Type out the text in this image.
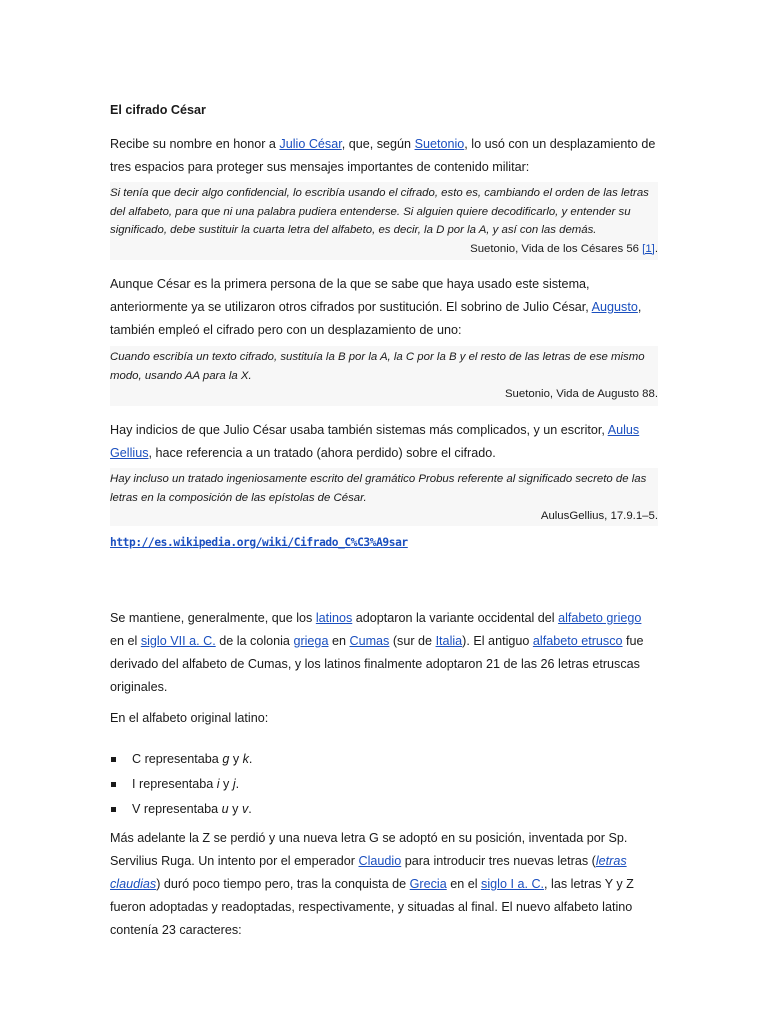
El cifrado César

Recibe su nombre en honor a Julio César, que, según Suetonio, lo usó con un desplazamiento de tres espacios para proteger sus mensajes importantes de contenido militar:

Si tenía que decir algo confidencial, lo escribía usando el cifrado, esto es, cambiando el orden de las letras del alfabeto, para que ni una palabra pudiera entenderse. Si alguien quiere decodificarlo, y entender su significado, debe sustituir la cuarta letra del alfabeto, es decir, la D por la A, y así con las demás.
Suetonio, Vida de los Césares 56 [1].

Aunque César es la primera persona de la que se sabe que haya usado este sistema, anteriormente ya se utilizaron otros cifrados por sustitución. El sobrino de Julio César, Augusto, también empleó el cifrado pero con un desplazamiento de uno:

Cuando escribía un texto cifrado, sustituía la B por la A, la C por la B y el resto de las letras de ese mismo modo, usando AA para la X.
Suetonio, Vida de Augusto 88.

Hay indicios de que Julio César usaba también sistemas más complicados, y un escritor, Aulus Gellius, hace referencia a un tratado (ahora perdido) sobre el cifrado.

Hay incluso un tratado ingeniosamente escrito del gramático Probus referente al significado secreto de las letras en la composición de las epístolas de César.
AulusGellius, 17.9.1–5.
http://es.wikipedia.org/wiki/Cifrado_C%C3%A9sar

Se mantiene, generalmente, que los latinos adoptaron la variante occidental del alfabeto griego en el siglo VII a. C. de la colonia griega en Cumas (sur de Italia). El antiguo alfabeto etrusco fue derivado del alfabeto de Cumas, y los latinos finalmente adoptaron 21 de las 26 letras etruscas originales.

En el alfabeto original latino:

C representaba g y k.
I representaba i y j.
V representaba u y v.

Más adelante la Z se perdió y una nueva letra G se adoptó en su posición, inventada por Sp. Servilius Ruga. Un intento por el emperador Claudio para introducir tres nuevas letras (letras claudias) duró poco tiempo pero, tras la conquista de Grecia en el siglo I a. C., las letras Y y Z fueron adoptadas y readoptadas, respectivamente, y situadas al final. El nuevo alfabeto latino contenía 23 caracteres:
